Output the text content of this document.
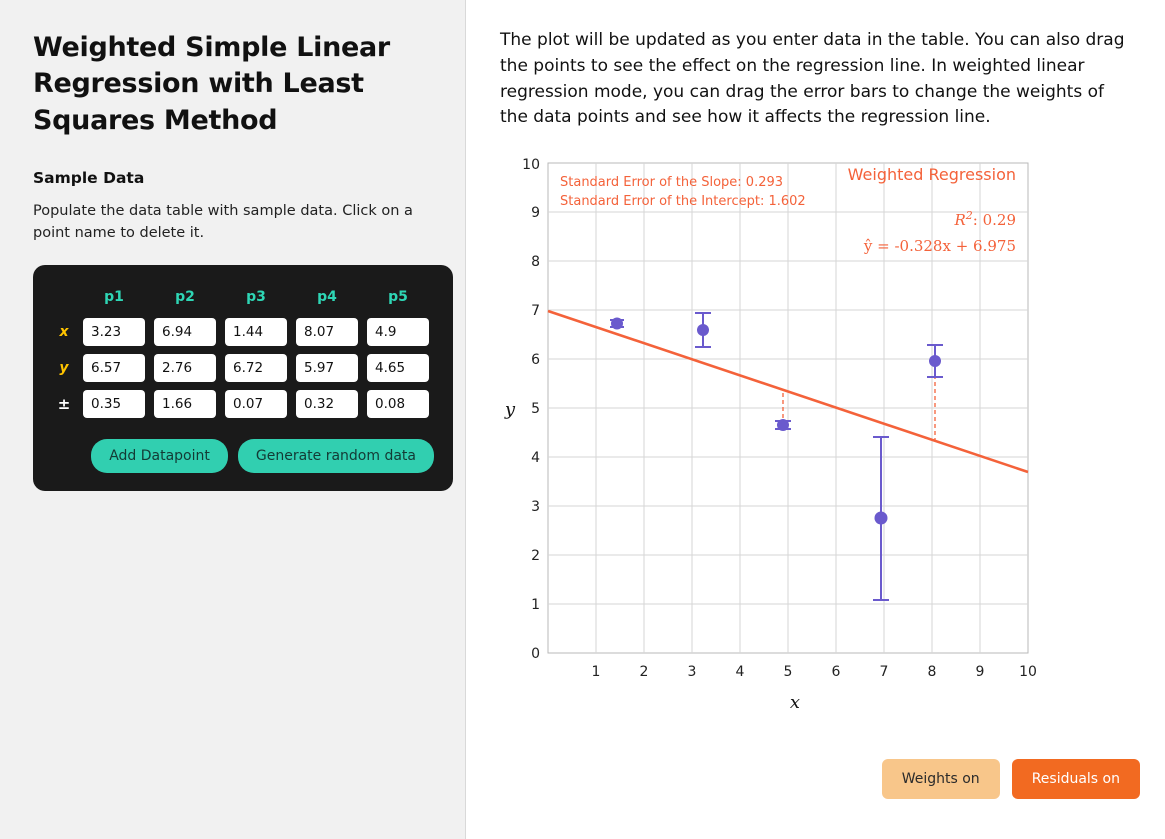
Weighted Simple Linear Regression with Least Squares Method
Sample Data

Populate the data table with sample data. Click on a point name to delete it.

	p1	p2	p3	p4	p5
x	3.23	6.94	1.44	8.07	4.9
y	6.57	2.76	6.72	5.97	4.65
±	0.35	1.66	0.07	0.32	0.08
Add Datapoint	Generate random data

The plot will be updated as you enter data in the table. You can also drag the points to see the effect on the regression line. In weighted linear regression mode, you can drag the error bars to change the weights of the data points and see how it affects the regression line.

0
1
2
3
4
5
6
7
8
9
10
1	2	3	4	5	6	7	8	9 10
y
x
Standard Error of the Slope: 0.293
Standard Error of the Intercept: 1.602
Weighted Regression
$R^2$: 0.29
ŷ = -0.328x + 6.975
Weights on	Residuals on
